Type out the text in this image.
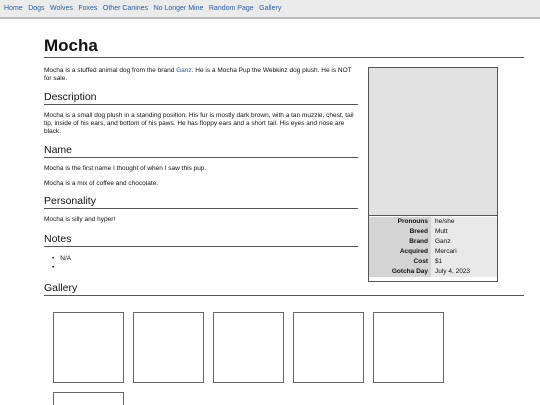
Home Dogs Wolves Foxes Other Canines No Longer Mine Random Page Gallery
Mocha

Mocha is a stuffed animal dog from the brand Ganz. He is a Mocha Pup the Webkinz dog plush. He is NOT for sale.

Description

Mocha is a small dog plush in a standing position. His fur is mostly dark brown, with a tan muzzle, chest, tail tip, inside of his ears, and bottom of his paws. He has floppy ears and a short tail. His eyes and nose are black.

Name

Mocha is the first name I thought of when I saw this pup.

Mocha is a mix of coffee and chocolate.

Personality

Mocha is silly and hyper!

Notes
• N/A
•
Pronouns	he/she
Breed	Mutt
Brand	Ganz
Acquired	Mercari
Cost	$1
Gotcha Day	July 4, 2023
Gallery
